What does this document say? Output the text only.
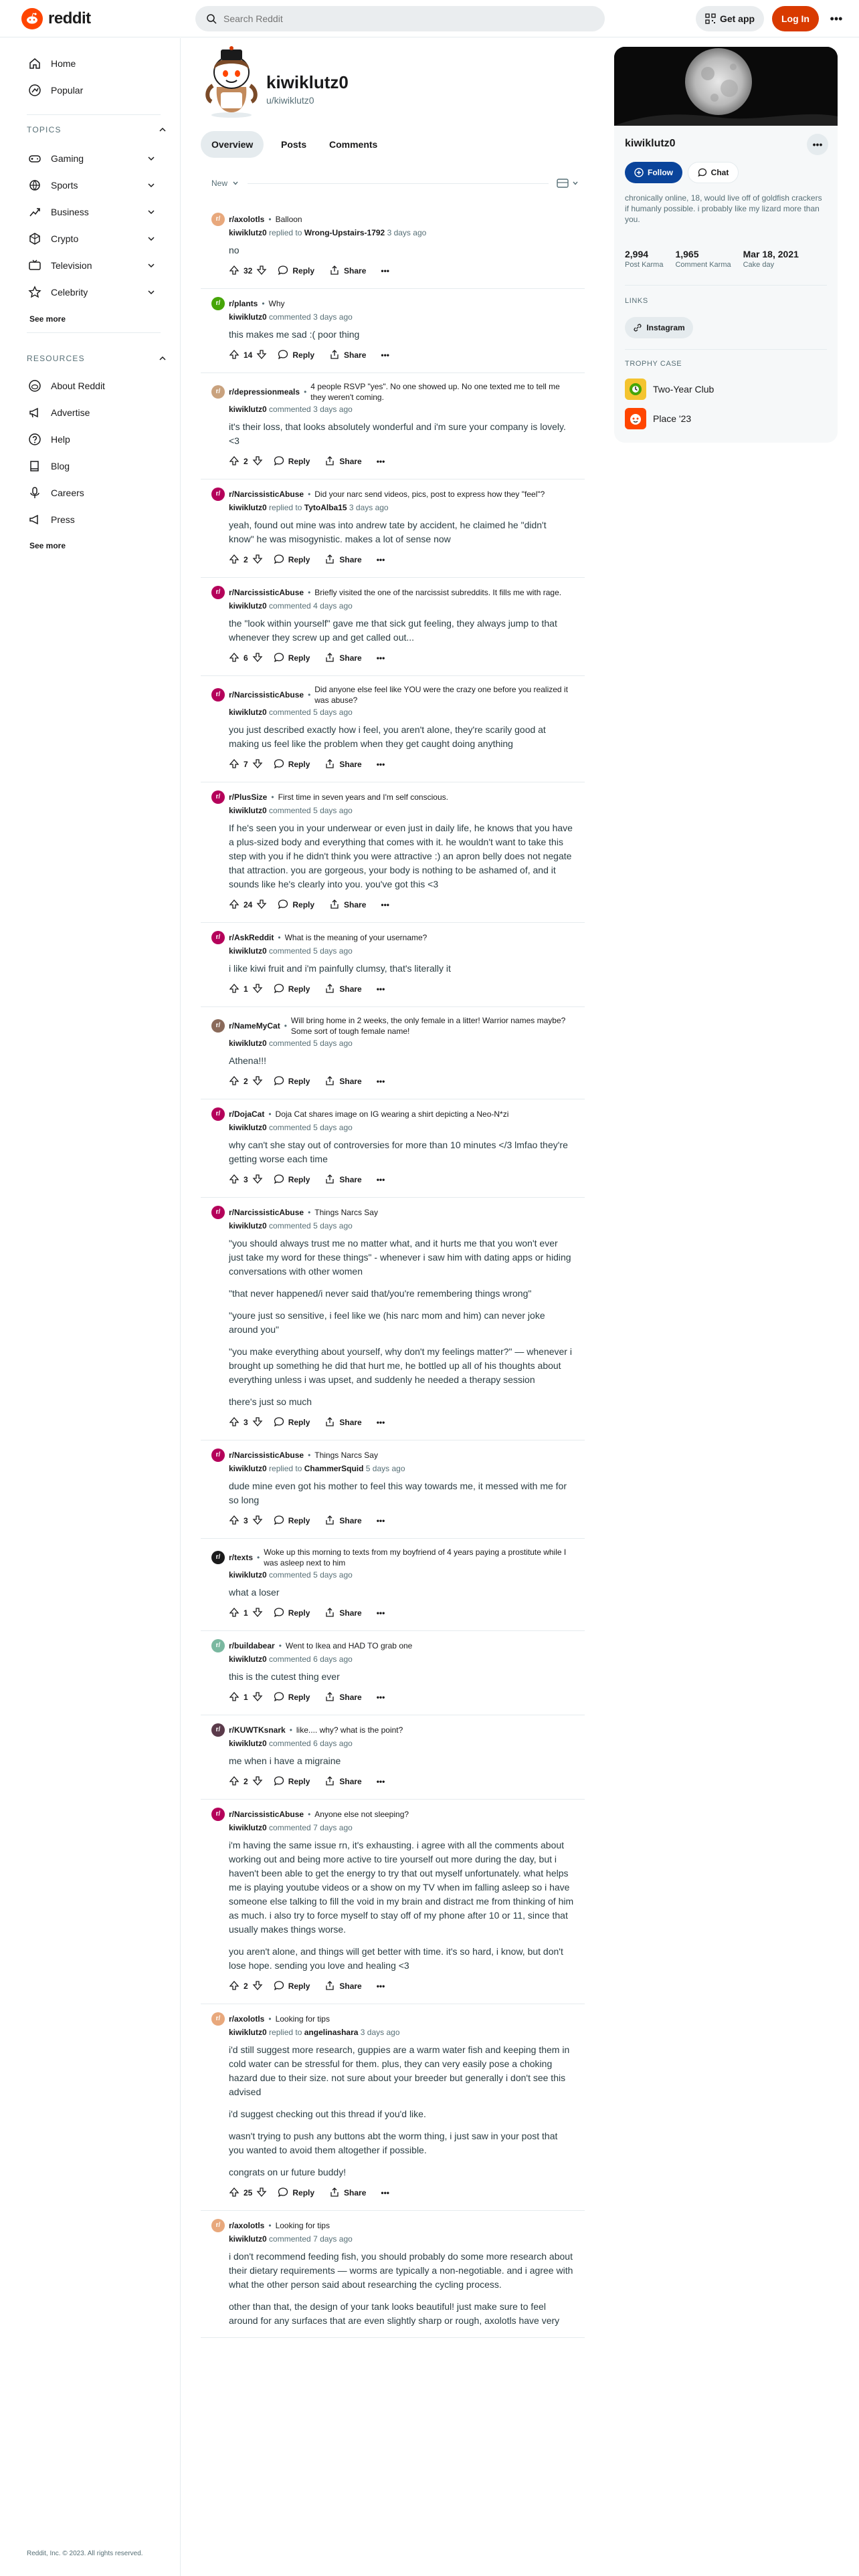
reddit
Search Reddit	Get app	Log In	•••
Home
Popular
TOPICS
Gaming
Sports
Business
Crypto
Television
Celebrity
See more
RESOURCES
About Reddit
Advertise
Help
Blog
Careers
Press
See more
Reddit, Inc. © 2023. All rights reserved.
kiwiklutz0
u/kiwiklutz0
Overview	Posts	Comments
New
r/	r/axolotls • Balloon
kiwiklutz0 replied to Wrong-Upstairs-1792 3 days ago

no

32	Reply	Share	•••
r/	r/plants • Why
kiwiklutz0 commented 3 days ago

this makes me sad :( poor thing

14	Reply	Share	•••
r/	r/depressionmeals •
4 people RSVP "yes". No one showed up. No one texted me to tell me they weren't coming.
kiwiklutz0 commented 3 days ago

it's their loss, that looks absolutely wonderful and i'm sure your company is lovely. <3

2	Reply	Share	•••
r/	r/NarcissisticAbuse • Did your narc send videos, pics, post to express how they "feel"?
kiwiklutz0 replied to TytoAlba15 3 days ago

yeah, found out mine was into andrew tate by accident, he claimed he "didn't know" he was misogynistic. makes a lot of sense now

2	Reply	Share	•••
r/	r/NarcissisticAbuse • Briefly visited the one of the narcissist subreddits. It fills me with rage.
kiwiklutz0 commented 4 days ago

the "look within yourself" gave me that sick gut feeling, they always jump to that whenever they screw up and get called out...

6	Reply	Share	•••
r/	r/NarcissisticAbuse •
Did anyone else feel like YOU were the crazy one before you realized it was abuse?
kiwiklutz0 commented 5 days ago

you just described exactly how i feel, you aren't alone, they're scarily good at making us feel like the problem when they get caught doing anything

7	Reply	Share	•••
r/	r/PlusSize • First time in seven years and I'm self conscious.
kiwiklutz0 commented 5 days ago

If he's seen you in your underwear or even just in daily life, he knows that you have a plus-sized body and everything that comes with it. he wouldn't want to take this step with you if he didn't think you were attractive :) an apron belly does not negate that attraction. you are gorgeous, your body is nothing to be ashamed of, and it sounds like he's clearly into you. you've got this <3

24	Reply	Share	•••
r/	r/AskReddit • What is the meaning of your username?
kiwiklutz0 commented 5 days ago

i like kiwi fruit and i'm painfully clumsy, that's literally it

1	Reply	Share	•••
r/	r/NameMyCat •
Will bring home in 2 weeks, the only female in a litter! Warrior names maybe? Some sort of tough female name!
kiwiklutz0 commented 5 days ago

Athena!!!

2	Reply	Share	•••
r/	r/DojaCat • Doja Cat shares image on IG wearing a shirt depicting a Neo-N*zi
kiwiklutz0 commented 5 days ago

why can't she stay out of controversies for more than 10 minutes </3 lmfao they're getting worse each time

3	Reply	Share	•••
r/	r/NarcissisticAbuse • Things Narcs Say
kiwiklutz0 commented 5 days ago

"you should always trust me no matter what, and it hurts me that you won't ever just take my word for these things" - whenever i saw him with dating apps or hiding conversations with other women

"that never happened/i never said that/you're remembering things wrong"

"youre just so sensitive, i feel like we (his narc mom and him) can never joke around you"

"you make everything about yourself, why don't my feelings matter?" — whenever i brought up something he did that hurt me, he bottled up all of his thoughts about everything unless i was upset, and suddenly he needed a therapy session

there's just so much

3	Reply	Share	•••
r/	r/NarcissisticAbuse • Things Narcs Say
kiwiklutz0 replied to ChammerSquid 5 days ago

dude mine even got his mother to feel this way towards me, it messed with me for so long

3	Reply	Share	•••
r/	r/texts •
Woke up this morning to texts from my boyfriend of 4 years paying a prostitute while I was asleep next to him
kiwiklutz0 commented 5 days ago

what a loser

1	Reply	Share	•••
r/	r/buildabear • Went to Ikea and HAD TO grab one
kiwiklutz0 commented 6 days ago

this is the cutest thing ever

1	Reply	Share	•••
r/	r/KUWTKsnark • like.... why? what is the point?
kiwiklutz0 commented 6 days ago

me when i have a migraine

2	Reply	Share	•••
r/	r/NarcissisticAbuse • Anyone else not sleeping?
kiwiklutz0 commented 7 days ago

i'm having the same issue rn, it's exhausting. i agree with all the comments about working out and being more active to tire yourself out more during the day, but i haven't been able to get the energy to try that out myself unfortunately. what helps me is playing youtube videos or a show on my TV when im falling asleep so i have someone else talking to fill the void in my brain and distract me from thinking of him as much. i also try to force myself to stay off of my phone after 10 or 11, since that usually makes things worse.

you aren't alone, and things will get better with time. it's so hard, i know, but don't lose hope. sending you love and healing <3

2	Reply	Share	•••
r/	r/axolotls • Looking for tips
kiwiklutz0 replied to angelinashara 3 days ago

i'd still suggest more research, guppies are a warm water fish and keeping them in cold water can be stressful for them. plus, they can very easily pose a choking hazard due to their size. not sure about your breeder but generally i don't see this advised

i'd suggest checking out this thread if you'd like.

wasn't trying to push any buttons abt the worm thing, i just saw in your post that you wanted to avoid them altogether if possible.

congrats on ur future buddy!

25	Reply	Share	•••
r/	r/axolotls • Looking for tips
kiwiklutz0 commented 7 days ago

i don't recommend feeding fish, you should probably do some more research about their dietary requirements — worms are typically a non-negotiable. and i agree with what the other person said about researching the cycling process.

other than that, the design of your tank looks beautiful! just make sure to feel around for any surfaces that are even slightly sharp or rough, axolotls have very

•••
kiwiklutz0
Follow	Chat
chronically online, 18, would live off of goldfish crackers if humanly possible. i probably like my lizard more than you.
2,994
Post Karma
1,965
Comment Karma
Mar 18, 2021
Cake day
LINKS
Instagram
TROPHY CASE
Two-Year Club
Place '23
